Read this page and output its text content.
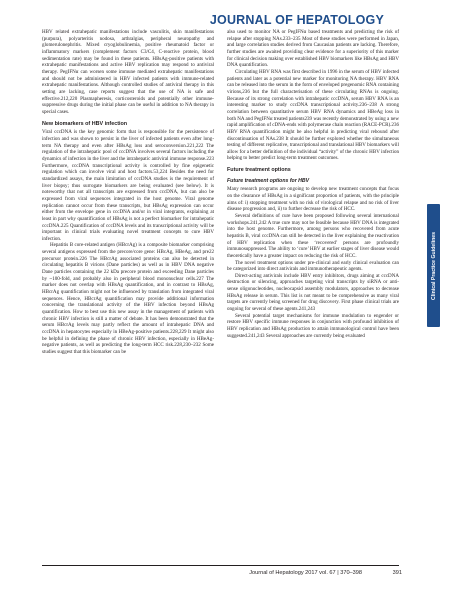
JOURNAL OF HEPATOLOGY

HBV related extrahepatic manifestations include vasculitis, skin manifestations (purpura), polyarteritis nodosa, arthralgias, peripheral neuropathy and glomerulonephritis. Mixed cryoglobulinemia, positive rheumatoid factor or inflammatory markers (complement factors C3/C4, C-reactive protein, blood sedimentation rate) may be found in these patients. HBsAg-positive patients with extrahepatic manifestations and active HBV replication may respond to antiviral therapy. PegIFNα can worsen some immune mediated extrahepatic manifestations and should not be administered in HBV infected patients with immune-related extrahepatic manifestations. Although controlled studies of antiviral therapy in this setting are lacking, case reports suggest that the use of NA is safe and effective.212,220 Plasmapheresis, corticosteroids and potentially other immune-suppressive drugs during the initial phase can be useful in addition to NA therapy in special cases.

New biomarkers of HBV infection

Viral cccDNA is the key genomic form that is responsible for the persistence of infection and was shown to persist in the liver of infected patients even after long-term NA therapy and even after HBsAg loss and seroconversion.221,222 The regulation of the intrahepatic pool of cccDNA involves several factors including the dynamics of infection in the liver and the intrahepatic antiviral immune response.223 Furthermore, cccDNA transcriptional activity is controlled by fine epigenetic regulation which can involve viral and host factors.53,224 Besides the need for standardized assays, the main limitation of cccDNA studies is the requirement of liver biopsy; thus surrogate biomarkers are being evaluated (see below). It is noteworthy that not all transcripts are expressed from cccDNA, but can also be expressed from viral sequences integrated in the host genome. Viral genome replication cannot occur from these transcripts, but HBsAg expression can occur either from the envelope gene in cccDNA and/or in viral integrants, explaining at least in part why quantification of HBsAg is not a perfect biomarker for intrahepatic cccDNA.225 Quantification of cccDNA levels and its transcriptional activity will be important in clinical trials evaluating novel treatment concepts to cure HBV infection.

Hepatitis B core-related antigen (HBcrAg) is a composite biomarker comprising several antigens expressed from the precore/core gene: HBcAg, HBeAg, and pre22 precursor protein.226 The HBcrAg associated proteins can also be detected in circulating hepatitis B virions (Dane particles) as well as in HBV DNA negative Dane particles containing the 22 kDa precore protein and exceeding Dane particles by ~100-fold, and probably also in peripheral blood mononuclear cells.227 The marker does not overlap with HBsAg quantification, and in contrast to HBsAg, HBcrAg quantification might not be influenced by translation from integrated viral sequences. Hence, HBcrAg quantification may provide additional information concerning the translational activity of the HBV infection beyond HBsAg quantification. How to best use this new assay in the management of patients with chronic HBV infection is still a matter of debate. It has been demonstrated that the serum HBcrAg levels may partly reflect the amount of intrahepatic DNA and cccDNA in hepatocytes especially in HBeAg-positive patients.228,229 It might also be helpful in defining the phase of chronic HBV infection, especially in HBeAg-negative patients, as well as predicting the long-term HCC risk.228,230–232 Some studies suggest that this biomarker can be

also used to monitor NA or PegIFNα based treatments and predicting the risk of relapse after stopping NAs.233–235 Most of these studies were performed in Japan, and large correlation studies derived from Caucasian patients are lacking. Therefore, further studies are awaited providing clear evidence for a superiority of this marker for clinical decision making over established HBV biomarkers like HBsAg and HBV DNA quantification.

Circulating HBV RNA was first described in 1996 in the serum of HBV infected patients and later as a potential new marker for monitoring NA therapy. HBV RNA can be released into the serum in the form of enveloped pregenomic RNA containing virions,236 but the full characterisation of these circulating RNAs is ongoing. Because of its strong correlation with intrahepatic cccDNA, serum HBV RNA is an interesting marker to study cccDNA transcriptional activity.236–238 A strong correlation between quantitative serum HBV RNA dynamics and HBeAg loss in both NA and PegIFNα treated patients239 was recently demonstrated by using a new rapid amplification of cDNA-ends with polymerase chain reaction (RACE-PCR).236 HBV RNA quantification might be also helpful in predicting viral rebound after discontinuation of NAs.238 It should be further explored whether the simultaneous testing of different replicative, transcriptional and translational HBV biomarkers will allow for a better definition of the individual “activity” of the chronic HBV infection helping to better predict long-term treatment outcomes.

Future treatment options
Future treatment options for HBV

Many research programs are ongoing to develop new treatment concepts that focus on the clearance of HBsAg in a significant proportion of patients, with the principle aims of: i) stopping treatment with no risk of virological relapse and no risk of liver disease progression and, ii) to further decrease the risk of HCC.

Several definitions of cure have been proposed following several international workshops.241,242 A true cure may not be feasible because HBV DNA is integrated into the host genome. Furthermore, among persons who recovered from acute hepatitis B, viral cccDNA can still be detected in the liver explaining the reactivation of HBV replication when these ‘recovered’ persons are profoundly immunosuppressed. The ability to ‘cure’ HBV at earlier stages of liver disease would theoretically have a greater impact on reducing the risk of HCC.

The novel treatment options under pre-clinical and early clinical evaluation can be categorized into direct antivirals and immunotherapeutic agents.

Direct-acting antivirals include HBV entry inhibitors, drugs aiming at cccDNA destruction or silencing, approaches targeting viral transcripts by siRNA or anti-sense oligonucleotides, nucleocapsid assembly modulators, approaches to decrease HBsAg release in serum. This list is not meant to be comprehensive as many viral targets are currently being screened for drug discovery. First phase clinical trials are ongoing for several of these agents.241,243

Several potential target mechanisms for immune modulation to engender or restore HBV specific immune responses in conjunction with profound inhibition of HBV replication and HBsAg production to attain immunological control have been suggested.241,243 Several approaches are currently being evaluated

Clinical Practice Guidelines
Journal of Hepatology 2017 vol. 67 | 370–398	391
